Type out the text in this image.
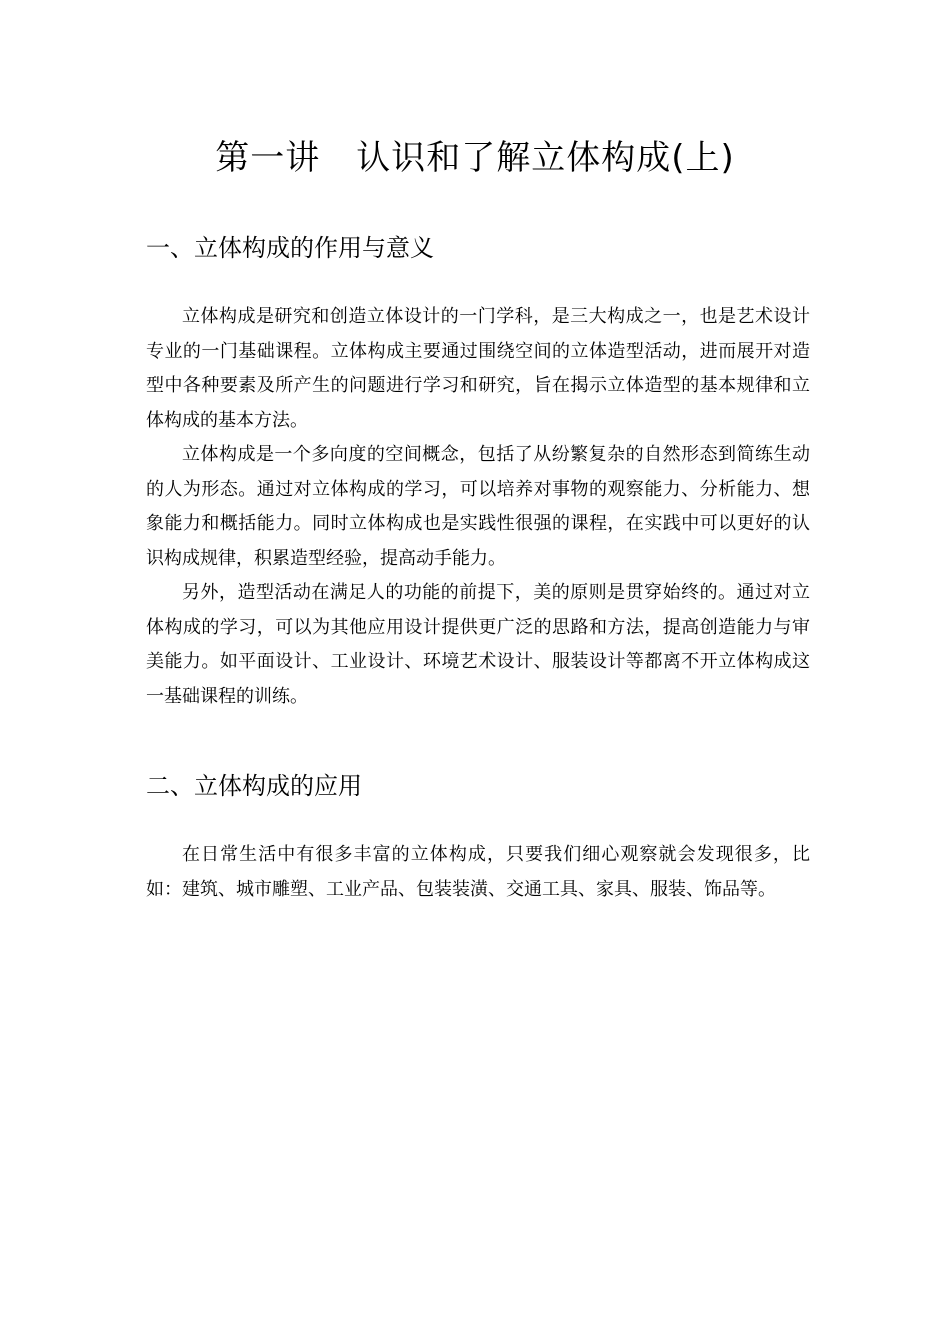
第一讲 认识和了解立体构成(上)
一、立体构成的作用与意义

立体构成是研究和创造立体设计的一门学科，是三大构成之一，也是艺术设计专业的一门基础课程。立体构成主要通过围绕空间的立体造型活动，进而展开对造型中各种要素及所产生的问题进行学习和研究，旨在揭示立体造型的基本规律和立体构成的基本方法。

立体构成是一个多向度的空间概念，包括了从纷繁复杂的自然形态到简练生动的人为形态。通过对立体构成的学习，可以培养对事物的观察能力、分析能力、想象能力和概括能力。同时立体构成也是实践性很强的课程，在实践中可以更好的认识构成规律，积累造型经验，提高动手能力。

另外，造型活动在满足人的功能的前提下，美的原则是贯穿始终的。通过对立体构成的学习，可以为其他应用设计提供更广泛的思路和方法，提高创造能力与审美能力。如平面设计、工业设计、环境艺术设计、服装设计等都离不开立体构成这一基础课程的训练。

二、立体构成的应用

在日常生活中有很多丰富的立体构成，只要我们细心观察就会发现很多，比如：建筑、城市雕塑、工业产品、包装装潢、交通工具、家具、服装、饰品等。
